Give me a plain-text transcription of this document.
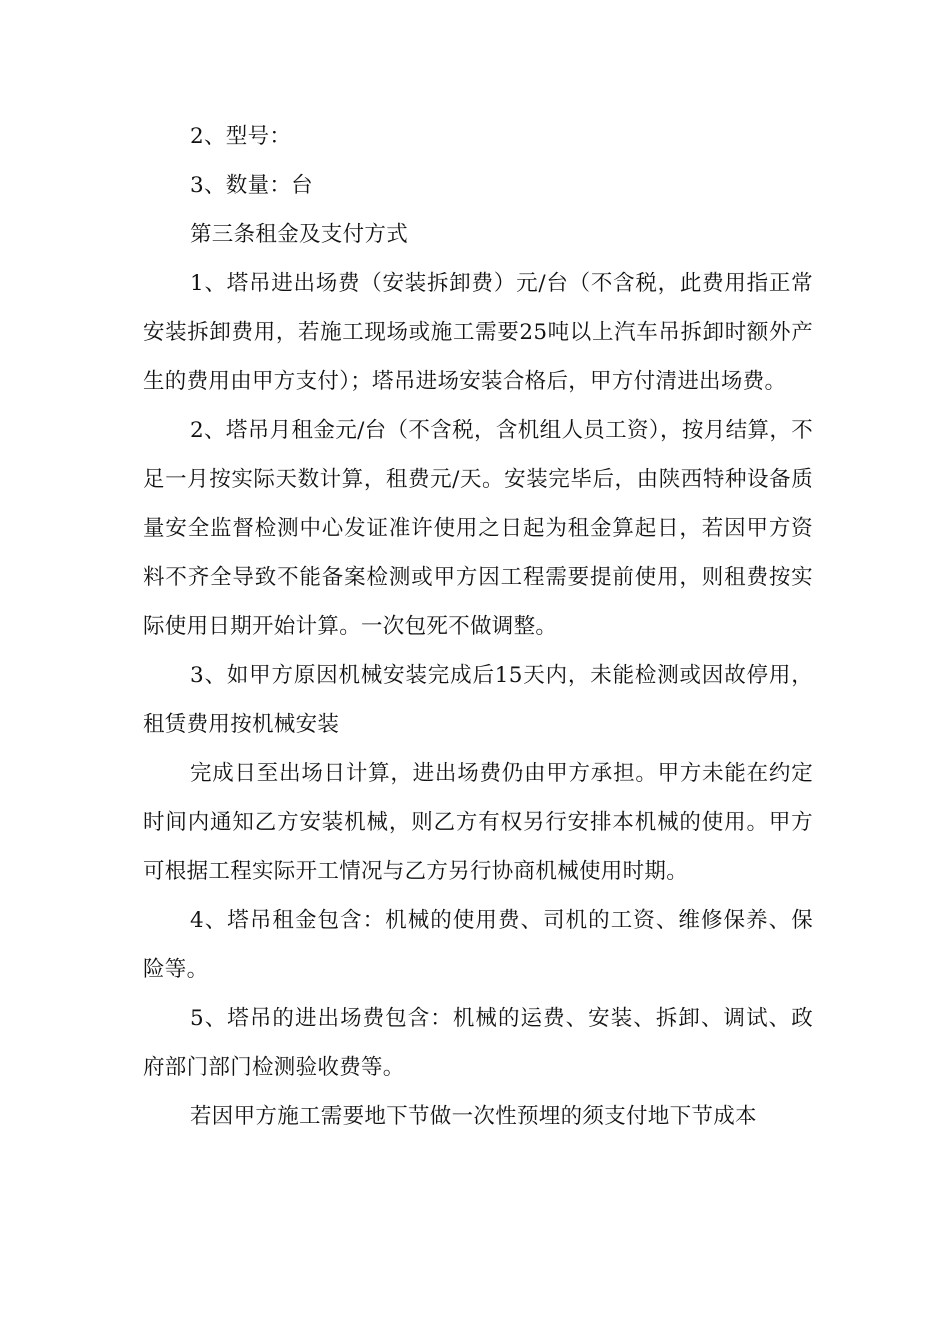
2、型号：

3、数量：台

第三条租金及支付方式

1、塔吊进出场费（安装拆卸费）元/台（不含税，此费用指正常安装拆卸费用，若施工现场或施工需要25吨以上汽车吊拆卸时额外产生的费用由甲方支付）；塔吊进场安装合格后，甲方付清进出场费。

2、塔吊月租金元/台（不含税，含机组人员工资），按月结算，不足一月按实际天数计算，租费元/天。安装完毕后，由陕西特种设备质量安全监督检测中心发证准许使用之日起为租金算起日，若因甲方资料不齐全导致不能备案检测或甲方因工程需要提前使用，则租费按实际使用日期开始计算。一次包死不做调整。

3、如甲方原因机械安装完成后15天内，未能检测或因故停用，租赁费用按机械安装

完成日至出场日计算，进出场费仍由甲方承担。甲方未能在约定时间内通知乙方安装机械，则乙方有权另行安排本机械的使用。甲方可根据工程实际开工情况与乙方另行协商机械使用时期。

4、塔吊租金包含：机械的使用费、司机的工资、维修保养、保险等。

5、塔吊的进出场费包含：机械的运费、安装、拆卸、调试、政府部门部门检测验收费等。

若因甲方施工需要地下节做一次性预埋的须支付地下节成本
